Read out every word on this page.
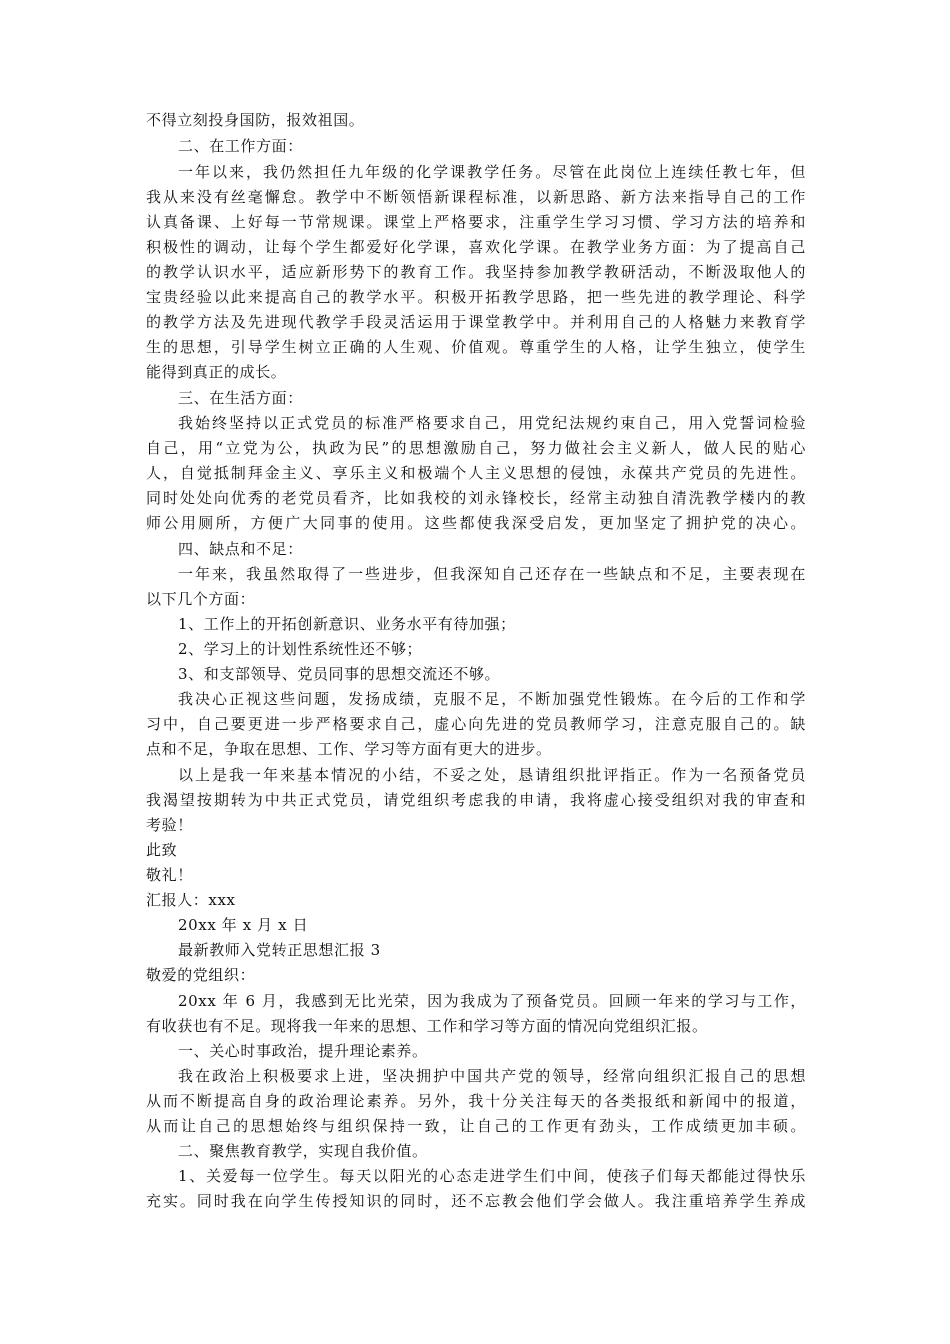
不得立刻投身国防，报效祖国。
二、在工作方面：
一年以来，我仍然担任九年级的化学课教学任务。尽管在此岗位上连续任教七年，但
我从来没有丝毫懈怠。教学中不断领悟新课程标准，以新思路、新方法来指导自己的工作
认真备课、上好每一节常规课。课堂上严格要求，注重学生学习习惯、学习方法的培养和
积极性的调动，让每个学生都爱好化学课，喜欢化学课。在教学业务方面：为了提高自己
的教学认识水平，适应新形势下的教育工作。我坚持参加教学教研活动，不断汲取他人的
宝贵经验以此来提高自己的教学水平。积极开拓教学思路，把一些先进的教学理论、科学
的教学方法及先进现代教学手段灵活运用于课堂教学中。并利用自己的人格魅力来教育学
生的思想，引导学生树立正确的人生观、价值观。尊重学生的人格，让学生独立，使学生
能得到真正的成长。
三、在生活方面：
我始终坚持以正式党员的标准严格要求自己，用党纪法规约束自己，用入党誓词检验
自己，用“立党为公，执政为民”的思想激励自己，努力做社会主义新人，做人民的贴心
人，自觉抵制拜金主义、享乐主义和极端个人主义思想的侵蚀，永葆共产党员的先进性。
同时处处向优秀的老党员看齐，比如我校的刘永锋校长，经常主动独自清洗教学楼内的教
师公用厕所，方便广大同事的使用。这些都使我深受启发，更加坚定了拥护党的决心。
四、缺点和不足：
一年来，我虽然取得了一些进步，但我深知自己还存在一些缺点和不足，主要表现在
以下几个方面：
1、工作上的开拓创新意识、业务水平有待加强；
2、学习上的计划性系统性还不够；
3、和支部领导、党员同事的思想交流还不够。
我决心正视这些问题，发扬成绩，克服不足，不断加强党性锻炼。在今后的工作和学
习中，自己要更进一步严格要求自己，虚心向先进的党员教师学习，注意克服自己的。缺
点和不足，争取在思想、工作、学习等方面有更大的进步。
以上是我一年来基本情况的小结，不妥之处，恳请组织批评指正。作为一名预备党员
我渴望按期转为中共正式党员，请党组织考虑我的申请，我将虚心接受组织对我的审查和
考验！
此致
敬礼！
汇报人：xxx
20xx 年 x 月 x 日
最新教师入党转正思想汇报 3
敬爱的党组织：
20xx 年 6 月，我感到无比光荣，因为我成为了预备党员。回顾一年来的学习与工作，
有收获也有不足。现将我一年来的思想、工作和学习等方面的情况向党组织汇报。
一、关心时事政治，提升理论素养。
我在政治上积极要求上进，坚决拥护中国共产党的领导，经常向组织汇报自己的思想
从而不断提高自身的政治理论素养。另外，我十分关注每天的各类报纸和新闻中的报道，
从而让自己的思想始终与组织保持一致，让自己的工作更有劲头，工作成绩更加丰硕。
二、聚焦教育教学，实现自我价值。
1、关爱每一位学生。每天以阳光的心态走进学生们中间，使孩子们每天都能过得快乐
充实。同时我在向学生传授知识的同时，还不忘教会他们学会做人。我注重培养学生养成
